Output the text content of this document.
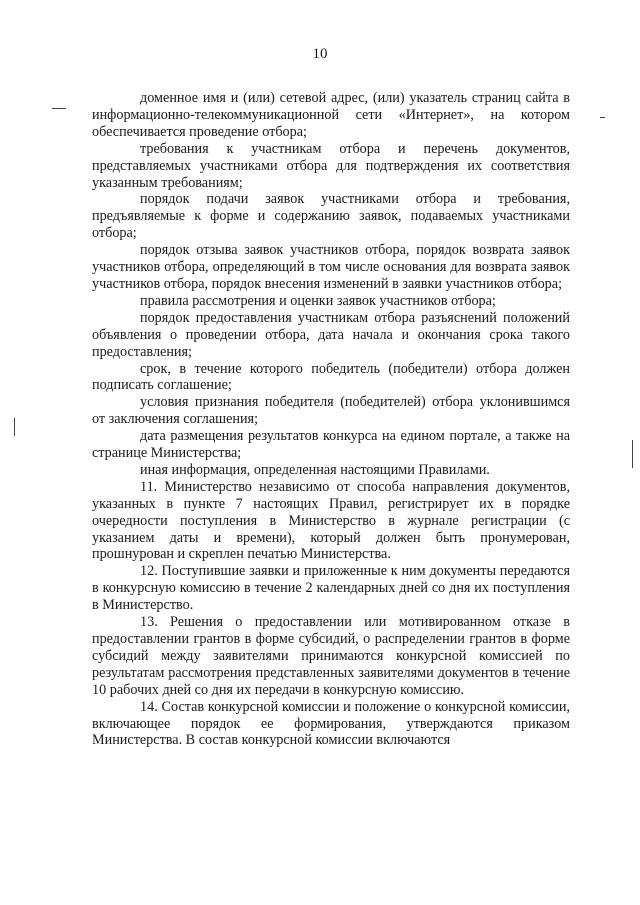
10

доменное имя и (или) сетевой адрес, (или) указатель страниц сайта в информационно-телекоммуникационной сети «Интернет», на котором обеспечивается проведение отбора;

требования к участникам отбора и перечень документов, представляемых участниками отбора для подтверждения их соответствия указанным требованиям;

порядок подачи заявок участниками отбора и требования, предъявляемые к форме и содержанию заявок, подаваемых участниками отбора;

порядок отзыва заявок участников отбора, порядок возврата заявок участников отбора, определяющий в том числе основания для возврата заявок участников отбора, порядок внесения изменений в заявки участников отбора;

правила рассмотрения и оценки заявок участников отбора;

порядок предоставления участникам отбора разъяснений положений объявления о проведении отбора, дата начала и окончания срока такого предоставления;

срок, в течение которого победитель (победители) отбора должен подписать соглашение;

условия признания победителя (победителей) отбора уклонившимся от заключения соглашения;

дата размещения результатов конкурса на едином портале, а также на странице Министерства;

иная информация, определенная настоящими Правилами.

11. Министерство независимо от способа направления документов, указанных в пункте 7 настоящих Правил, регистрирует их в порядке очередности поступления в Министерство в журнале регистрации (с указанием даты и времени), который должен быть пронумерован, прошнурован и скреплен печатью Министерства.

12. Поступившие заявки и приложенные к ним документы передаются в конкурсную комиссию в течение 2 календарных дней со дня их поступления в Министерство.

13. Решения о предоставлении или мотивированном отказе в предоставлении грантов в форме субсидий, о распределении грантов в форме субсидий между заявителями принимаются конкурсной комиссией по результатам рассмотрения представленных заявителями документов в течение 10 рабочих дней со дня их передачи в конкурсную комиссию.

14. Состав конкурсной комиссии и положение о конкурсной комиссии, включающее порядок ее формирования, утверждаются приказом Министерства. В состав конкурсной комиссии включаются
